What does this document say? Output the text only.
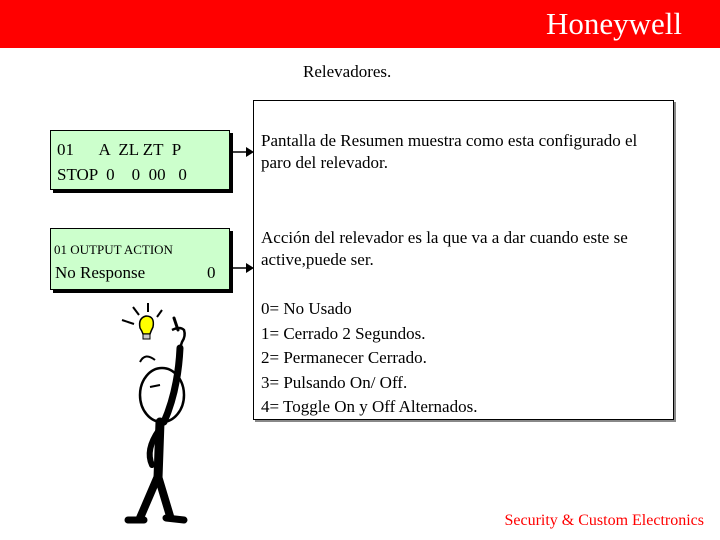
Honeywell
Relevadores.
01      A  ZL ZT  P
STOP  0    0  00   0
01 OUTPUT ACTION
No Response	0
Pantalla de Resumen muestra como esta configurado el paro del relevador.
Acción del relevador es la que va a dar cuando este se active,puede ser.
0= No Usado
1= Cerrado 2 Segundos.
2= Permanecer Cerrado.
3= Pulsando On/ Off.
4= Toggle On y Off Alternados.
Security & Custom Electronics
